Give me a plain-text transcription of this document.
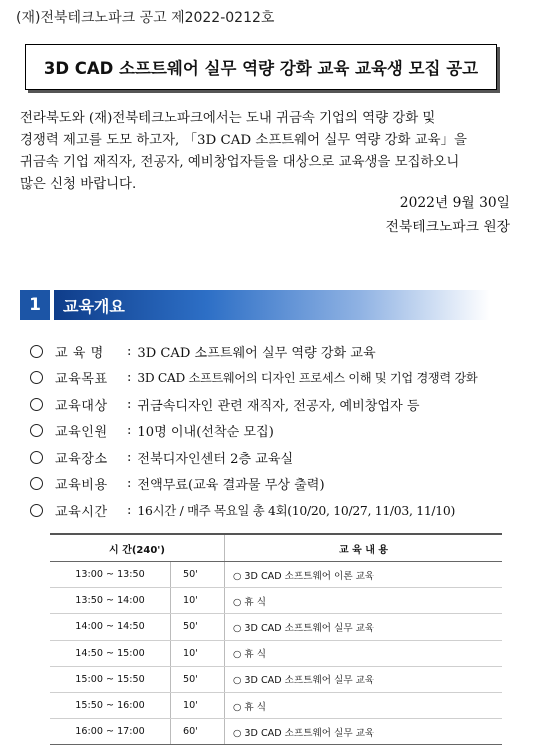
(재)전북테크노파크 공고 제2022-0212호
3D CAD 소프트웨어 실무 역량 강화 교육 교육생 모집 공고
전라북도와 (재)전북테크노파크에서는 도내 귀금속 기업의 역량 강화 및
경쟁력 제고를 도모 하고자, 「3D CAD 소프트웨어 실무 역량 강화 교육」을
귀금속 기업 재직자, 전공자, 예비창업자들을 대상으로 교육생을 모집하오니
많은 신청 바랍니다.
2022년 9월 30일
전북테크노파크 원장
1	교육개요
교 육 명	: 3D CAD 소프트웨어 실무 역량 강화 교육
교육목표	: 3D CAD 소프트웨어의 디자인 프로세스 이해 및 기업 경쟁력 강화
교육대상	: 귀금속디자인 관련 재직자, 전공자, 예비창업자 등
교육인원	: 10명 이내(선착순 모집)
교육장소	: 전북디자인센터 2층 교육실
교육비용	: 전액무료(교육 결과물 무상 출력)
교육시간	: 16시간 / 매주 목요일 총 4회(10/20, 10/27, 11/03, 11/10)
시 간(240')		교 육 내 용
13:00 ~ 13:50	50'	○ 3D CAD 소프트웨어 이론 교육
13:50 ~ 14:00	10'	○ 휴 식
14:00 ~ 14:50	50'	○ 3D CAD 소프트웨어 실무 교육
14:50 ~ 15:00	10'	○ 휴 식
15:00 ~ 15:50	50'	○ 3D CAD 소프트웨어 실무 교육
15:50 ~ 16:00	10'	○ 휴 식
16:00 ~ 17:00	60'	○ 3D CAD 소프트웨어 실무 교육
